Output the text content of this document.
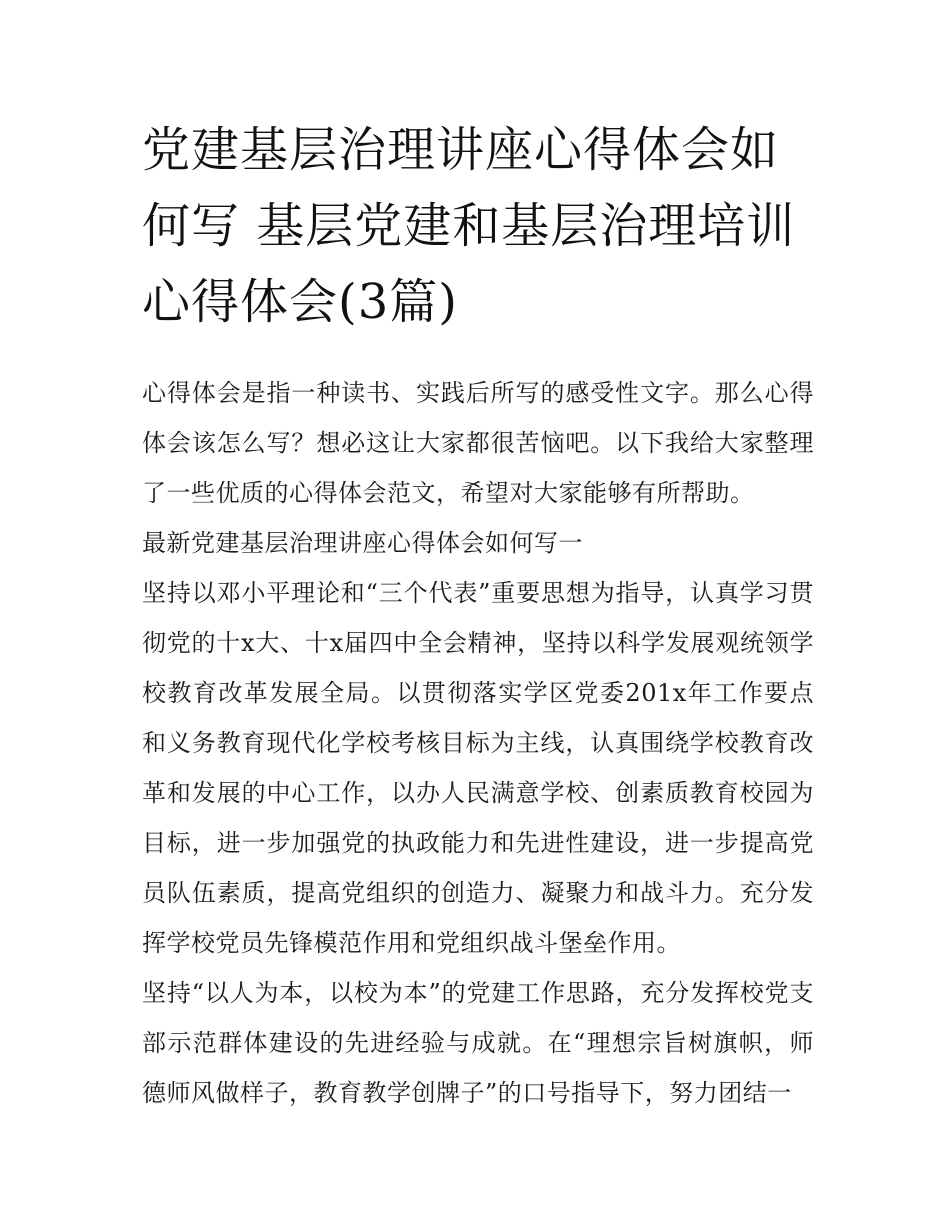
党建基层治理讲座心得体会如何写 基层党建和基层治理培训心得体会(3篇)

心得体会是指一种读书、实践后所写的感受性文字。那么心得体会该怎么写？想必这让大家都很苦恼吧。以下我给大家整理了一些优质的心得体会范文，希望对大家能够有所帮助。

最新党建基层治理讲座心得体会如何写一

坚持以邓小平理论和“三个代表”重要思想为指导，认真学习贯彻党的十x大、十x届四中全会精神，坚持以科学发展观统领学校教育改革发展全局。以贯彻落实学区党委201x年工作要点和义务教育现代化学校考核目标为主线，认真围绕学校教育改革和发展的中心工作，以办人民满意学校、创素质教育校园为目标，进一步加强党的执政能力和先进性建设，进一步提高党员队伍素质，提高党组织的创造力、凝聚力和战斗力。充分发挥学校党员先锋模范作用和党组织战斗堡垒作用。

坚持“以人为本，以校为本”的党建工作思路，充分发挥校党支部示范群体建设的先进经验与成就。在“理想宗旨树旗帜，师德师风做样子，教育教学创牌子”的口号指导下，努力团结一
